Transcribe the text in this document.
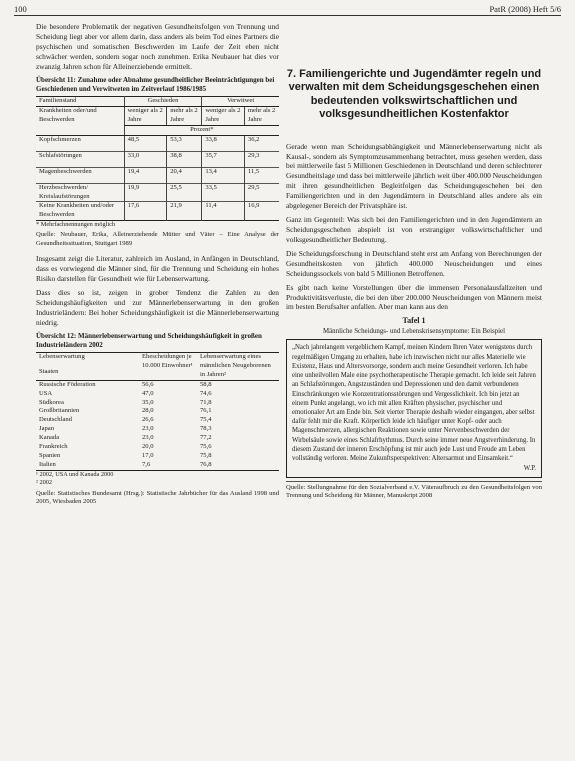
100	PatR (2008) Heft 5/6

Die besondere Problematik der negativen Gesundheitsfolgen von Trennung und Scheidung liegt aber vor allem darin, dass anders als beim Tod eines Partners die psychischen und somatischen Beschwerden im Laufe der Zeit eben nicht schwächer werden, sondern sogar noch zunehmen. Erika Neubauer hat dies vor zwanzig Jahren schon für Alleinerziehende ermittelt.

Übersicht 11: Zunahme oder Abnahme gesundheitlicher Beeinträchtigungen bei Geschiedenen und Verwitweten im Zeitverlauf 1986/1985
Familienstand	Geschieden		Verwitwet	
Krankheiten oder/und Beschwerden	weniger als 2 Jahre	mehr als 2 Jahre	weniger als 2 Jahre	mehr als 2 Jahre
	Prozent*			
Kopfschmerzen	48,5	53,3	33,8	36,2
Schlafstörungen	33,0	38,8	35,7	29,3
Magenbeschwerden	19,4	20,4	13,4	11,5
Herzbeschwerden/ Kreislaufstörungen	19,9	25,5	33,5	29,5
Keine Krankheiten und/oder Beschwerden	17,6	21,9	11,4	16,9

* Mehrfachnennungen möglich

Quelle: Neubauer, Erika, Alleinerziehende Mütter und Väter – Eine Analyse der Gesundheitssituation, Stuttgart 1989

Insgesamt zeigt die Literatur, zahlreich im Ausland, in Anfängen in Deutschland, dass es vorwiegend die Männer sind, für die Trennung und Scheidung ein hohes Risiko darstellen für Gesundheit wie für Lebenserwartung.

Dass dies so ist, zeigen in grober Tendenz die Zahlen zu den Scheidungshäufigkeiten und zur Männerlebenserwartung in den großen Industrieländern: Bei hoher Scheidungshäufigkeit ist die Männerlebenserwartung niedrig.

Übersicht 12: Männerlebenserwartung und Scheidungshäufigkeit in großen Industrieländern 2002
Lebenserwartung
Staaten	Ehescheidungen je 10.000 Einwohner¹	Lebenserwartung eines männlichen Neugeborenen in Jahren²
Russische Föderation	56,6	58,8
USA	47,0	74,6
Südkorea	35,0	71,8
Großbritannien	28,0	76,1
Deutschland	26,6	75,4
Japan	23,0	78,3
Kanada	23,0	77,2
Frankreich	20,0	75,6
Spanien	17,0	75,8
Italien	7,6	76,8

¹ 2002, USA und Kanada 2000

² 2002

Quelle: Statistisches Bundesamt (Hrsg.): Statistische Jahrbücher für das Ausland 1998 und 2005, Wiesbaden 2005

7. Familiengerichte und Jugendämter regeln und verwalten mit dem Scheidungsgeschehen einen bedeutenden volkswirtschaftlichen und volksgesundheitlichen Kostenfaktor

Gerade wenn man Scheidungsabhängigkeit und Männerlebenserwartung nicht als Kausal-, sondern als Symptomzusammenhang betrachtet, muss gesehen werden, dass bei mittlerweile fast 5 Millionen Geschiedenen in Deutschland und deren schlechterer Gesundheitslage und dass bei mittlerweile jährlich weit über 400.000 Neuscheidungen mit ihren gesundheitlichen Begleitfolgen das Scheidungsgeschehen bei den Familiengerichten und in den Jugendämtern in Deutschland alles andere als ein abgelegener Bereich der Privatsphäre ist.

Ganz im Gegenteil: Was sich bei den Familiengerichten und in den Jugendämtern an Scheidungsgeschehen abspielt ist von erstrangiger volkswirtschaftlicher und volksgesundheitlicher Bedeutung.

Die Scheidungsforschung in Deutschland steht erst am Anfang von Berechnungen der Gesundheitskosten von jährlich 400.000 Neuscheidungen und eines Scheidungssockels von bald 5 Millionen Betroffenen.

Es gibt nach keine Vorstellungen über die immensen Personalausfallzeiten und Produktivitätsverluste, die bei den über 200.000 Neuscheidungen von Männern meist im besten Berufsalter anfallen. Aber man kann aus den

Tafel 1
Männliche Scheidungs- und Lebenskrisensymptome: Ein Beispiel
„Nach jahrelangem vergeblichem Kampf, meinen Kindern Ihren Vater wenigstens durch regelmäßigen Umgang zu erhalten, habe ich inzwischen nicht nur alles Materielle wie Existenz, Haus und Altersvorsorge, sondern auch meine Gesundheit verloren. Ich habe eine unheilvollen Male eine psychotherapeutische Therapie gemacht. Ich leide seit Jahren an Schlafstörungen, Angstzuständen und Depressionen und den damit verbundenen Einschränkungen wie Konzentrationsstörungen und Vergesslichkeit. Ich bin jetzt an einem Punkt angelangt, wo ich mit allen Kräften physischer, psychischer und emotionaler Art am Ende bin. Seit vierter Therapie deshalb wieder eingangen, aber selbst dafür fehlt mir die Kraft. Körperlich leide ich häufiger unter Kopf- oder auch Magenschmerzen, allergischen Reaktionen sowie unter Nervenbeschwerden der Wirbelsäule sowie eines Schlafrhythmus. Durch seine immer neue Angstverhinderung. In diesem Zustand der inneren Erschöpfung ist mir auch jede Lust und Freude am Leben vollständig verloren. Meine Zukunftsperspektiven: Altersarmut und Einsamkeit.“
W.P.

Quelle: Stellungnahme für den Sozialverband e.V. Väteraufbruch zu den Gesundheitsfolgen von Trennung und Scheidung für Männer, Manuskript 2008
